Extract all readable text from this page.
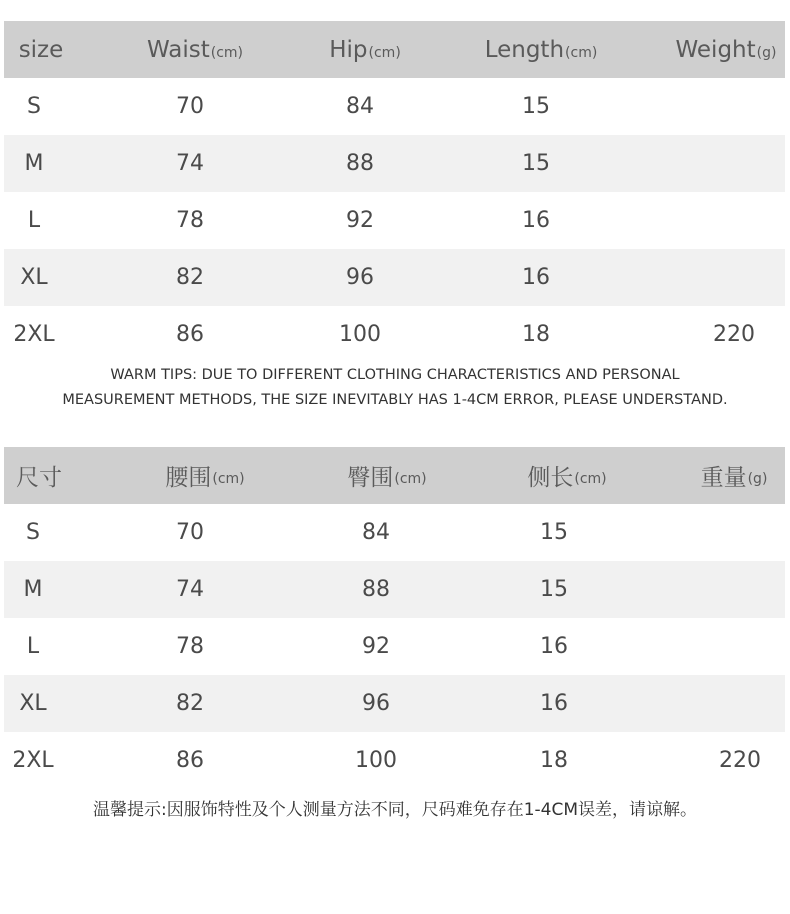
size	Waist (cm)	Hip (cm)	Length (cm)	Weight (g)
S	70	84	15
M	74	88	15
L	78	92	16
XL	82	96	16
2XL	86	100	18	220
WARM TIPS: DUE TO DIFFERENT CLOTHING CHARACTERISTICS AND PERSONAL
MEASUREMENT METHODS, THE SIZE INEVITABLY HAS 1-4CM ERROR, PLEASE UNDERSTAND.
尺寸	腰围 (cm)	臀围 (cm)	侧长 (cm)	重量 (g)
S	70	84	15
M	74	88	15
L	78	92	16
XL	82	96	16
2XL	86	100	18	220
温馨提示:因服饰特性及个人测量方法不同，尺码难免存在1-4CM误差，请谅解。
